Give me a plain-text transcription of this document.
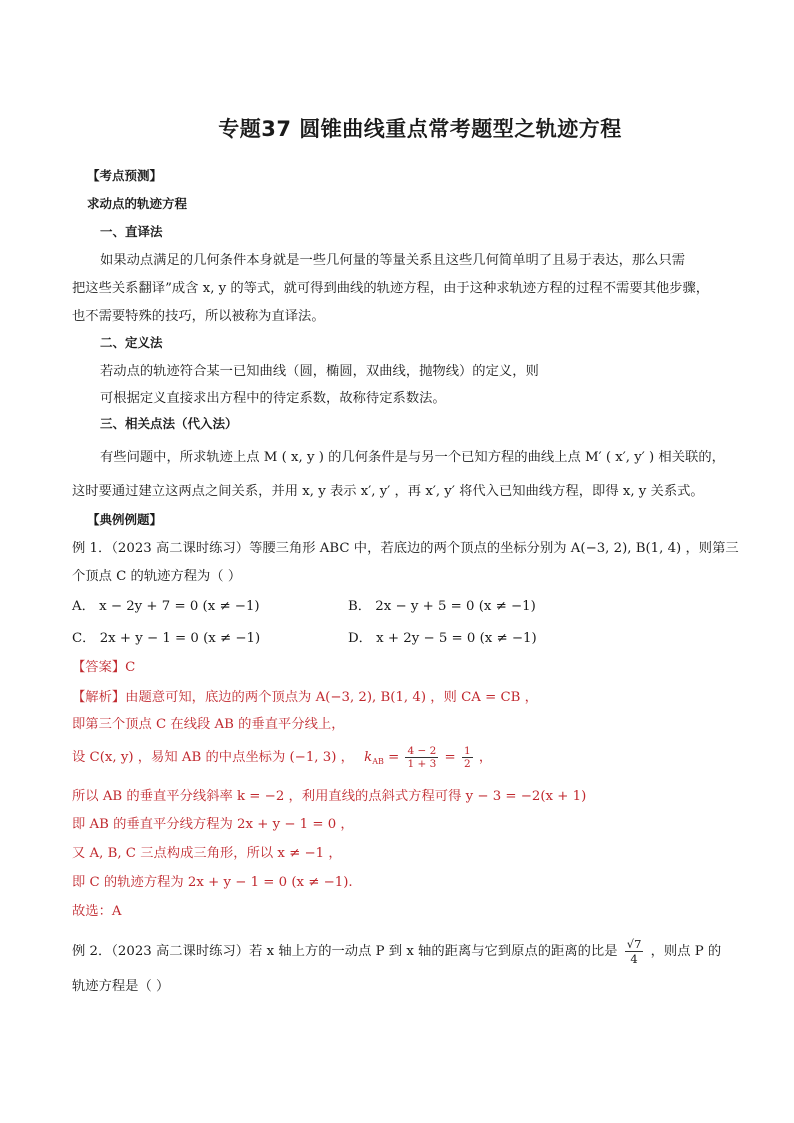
专题37 圆锥曲线重点常考题型之轨迹方程
【考点预测】
求动点的轨迹方程
一、直译法
如果动点满足的几何条件本身就是一些几何量的等量关系且这些几何简单明了且易于表达，那么只需
把这些关系翻译”成含 x, y 的等式，就可得到曲线的轨迹方程，由于这种求轨迹方程的过程不需要其他步骤，
也不需要特殊的技巧，所以被称为直译法。
二、定义法
若动点的轨迹符合某一已知曲线（圆，椭圆，双曲线，抛物线）的定义，则
可根据定义直接求出方程中的待定系数，故称待定系数法。
三、相关点法（代入法）
有些问题中，所求轨迹上点 M ( x, y ) 的几何条件是与另一个已知方程的曲线上点 M′ ( x′, y′ ) 相关联的，
这时要通过建立这两点之间关系，并用 x, y 表示 x′, y′ ，再 x′, y′ 将代入已知曲线方程，即得 x, y 关系式。
【典例例题】
例 1．（2023 高二课时练习）等腰三角形 ABC 中，若底边的两个顶点的坐标分别为 A(−3, 2), B(1, 4) ，则第三
个顶点 C 的轨迹方程为（ ）
A． x − 2y + 7 = 0 (x ≠ −1)	B． 2x − y + 5 = 0 (x ≠ −1)
C． 2x + y − 1 = 0 (x ≠ −1)	D． x + 2y − 5 = 0 (x ≠ −1)
【答案】C
【解析】由题意可知，底边的两个顶点为 A(−3, 2), B(1, 4) ，则 CA = CB ，
即第三个顶点 C 在线段 AB 的垂直平分线上，
设 C(x, y) ，易知 AB 的中点坐标为 (−1, 3) ， $k_{AB} = \frac{4 - 2}{1 + 3} = \frac{1}{2}$ ，
所以 AB 的垂直平分线斜率 k = −2 ，利用直线的点斜式方程可得 y − 3 = −2(x + 1)
即 AB 的垂直平分线方程为 2x + y − 1 = 0 ，
又 A, B, C 三点构成三角形，所以 x ≠ −1 ，
即 C 的轨迹方程为 2x + y − 1 = 0 (x ≠ −1).
故选：A
例 2．（2023 高二课时练习）若 x 轴上方的一动点 P 到 x 轴的距离与它到原点的距离的比是 $\frac{√7}{4}$ ，则点 P 的
轨迹方程是（ ）
